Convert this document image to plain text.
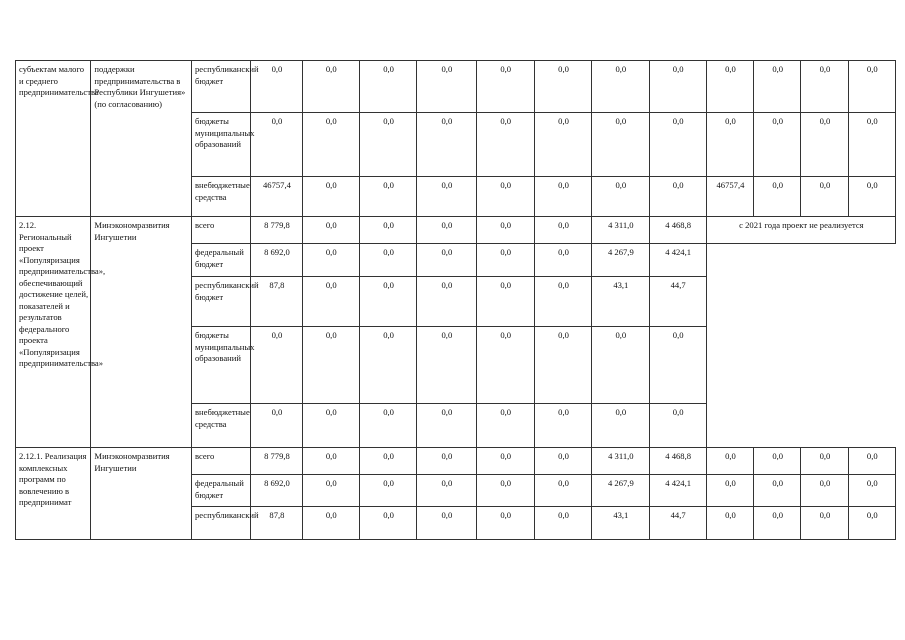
субъектам малого и среднего предпринимательства	поддержки предпринимательства в Республики Ингушетия» (по согласованию)	республиканский бюджет	0,0	0,0	0,0	0,0	0,0	0,0	0,0	0,0	0,0	0,0	0,0	0,0
		бюджеты муниципальных образований	0,0	0,0	0,0	0,0	0,0	0,0	0,0	0,0	0,0	0,0	0,0	0,0
		внебюджетные средства	46757,4	0,0	0,0	0,0	0,0	0,0	0,0	0,0	46757,4	0,0	0,0	0,0
2.12. Региональный проект «Популяризация предпринимательства», обеспечивающий достижение целей, показателей и результатов федерального проекта «Популяризация предпринимательства»	Минэкономразвития Ингушетии	всего	8 779,8	0,0	0,0	0,0	0,0	0,0	4 311,0	4 468,8	с 2021 года проект не реализуется			
		федеральный бюджет	8 692,0	0,0	0,0	0,0	0,0	0,0	4 267,9	4 424,1				
		республиканский бюджет	87,8	0,0	0,0	0,0	0,0	0,0	43,1	44,7				
		бюджеты муниципальных образований	0,0	0,0	0,0	0,0	0,0	0,0	0,0	0,0				
		внебюджетные средства	0,0	0,0	0,0	0,0	0,0	0,0	0,0	0,0				
2.12.1. Реализация комплексных программ по вовлечению в предпринимат	Минэкономразвития Ингушетии	всего	8 779,8	0,0	0,0	0,0	0,0	0,0	4 311,0	4 468,8	0,0	0,0	0,0	0,0
		федеральный бюджет	8 692,0	0,0	0,0	0,0	0,0	0,0	4 267,9	4 424,1	0,0	0,0	0,0	0,0
		республиканский	87,8	0,0	0,0	0,0	0,0	0,0	43,1	44,7	0,0	0,0	0,0	0,0
